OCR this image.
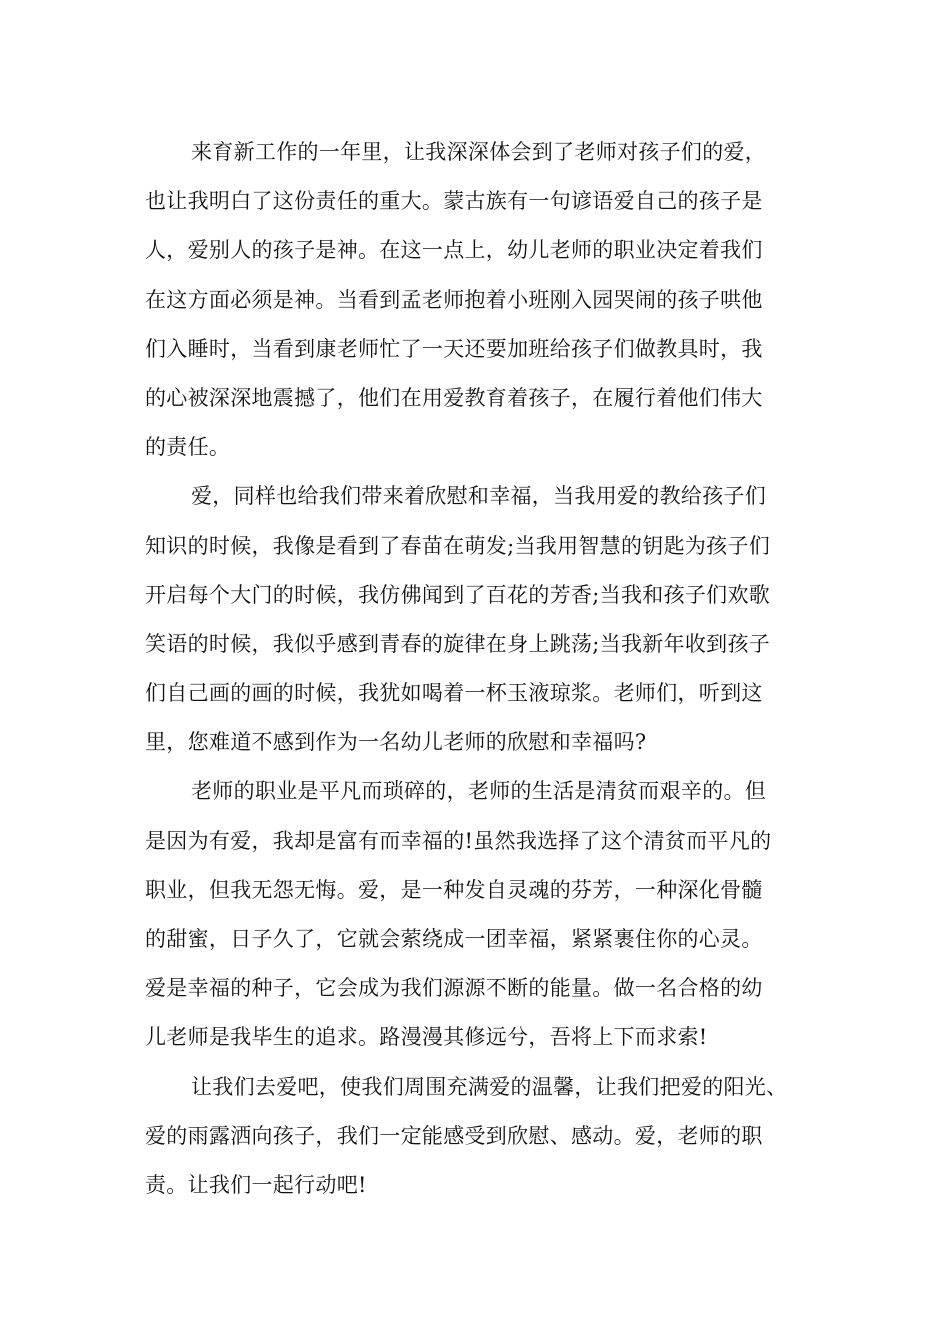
来育新工作的一年里，让我深深体会到了老师对孩子们的爱，
也让我明白了这份责任的重大。蒙古族有一句谚语爱自己的孩子是
人，爱别人的孩子是神。在这一点上，幼儿老师的职业决定着我们
在这方面必须是神。当看到孟老师抱着小班刚入园哭闹的孩子哄他
们入睡时，当看到康老师忙了一天还要加班给孩子们做教具时，我
的心被深深地震撼了，他们在用爱教育着孩子，在履行着他们伟大
的责任。
爱，同样也给我们带来着欣慰和幸福，当我用爱的教给孩子们
知识的时候，我像是看到了春苗在萌发;当我用智慧的钥匙为孩子们
开启每个大门的时候，我仿佛闻到了百花的芳香;当我和孩子们欢歌
笑语的时候，我似乎感到青春的旋律在身上跳荡;当我新年收到孩子
们自己画的画的时候，我犹如喝着一杯玉液琼浆。老师们，听到这
里，您难道不感到作为一名幼儿老师的欣慰和幸福吗?
老师的职业是平凡而琐碎的，老师的生活是清贫而艰辛的。但
是因为有爱，我却是富有而幸福的!虽然我选择了这个清贫而平凡的
职业，但我无怨无悔。爱，是一种发自灵魂的芬芳，一种深化骨髓
的甜蜜，日子久了，它就会萦绕成一团幸福，紧紧裹住你的心灵。
爱是幸福的种子，它会成为我们源源不断的能量。做一名合格的幼
儿老师是我毕生的追求。路漫漫其修远兮，吾将上下而求索!
让我们去爱吧，使我们周围充满爱的温馨，让我们把爱的阳光、
爱的雨露洒向孩子，我们一定能感受到欣慰、感动。爱，老师的职
责。让我们一起行动吧!
